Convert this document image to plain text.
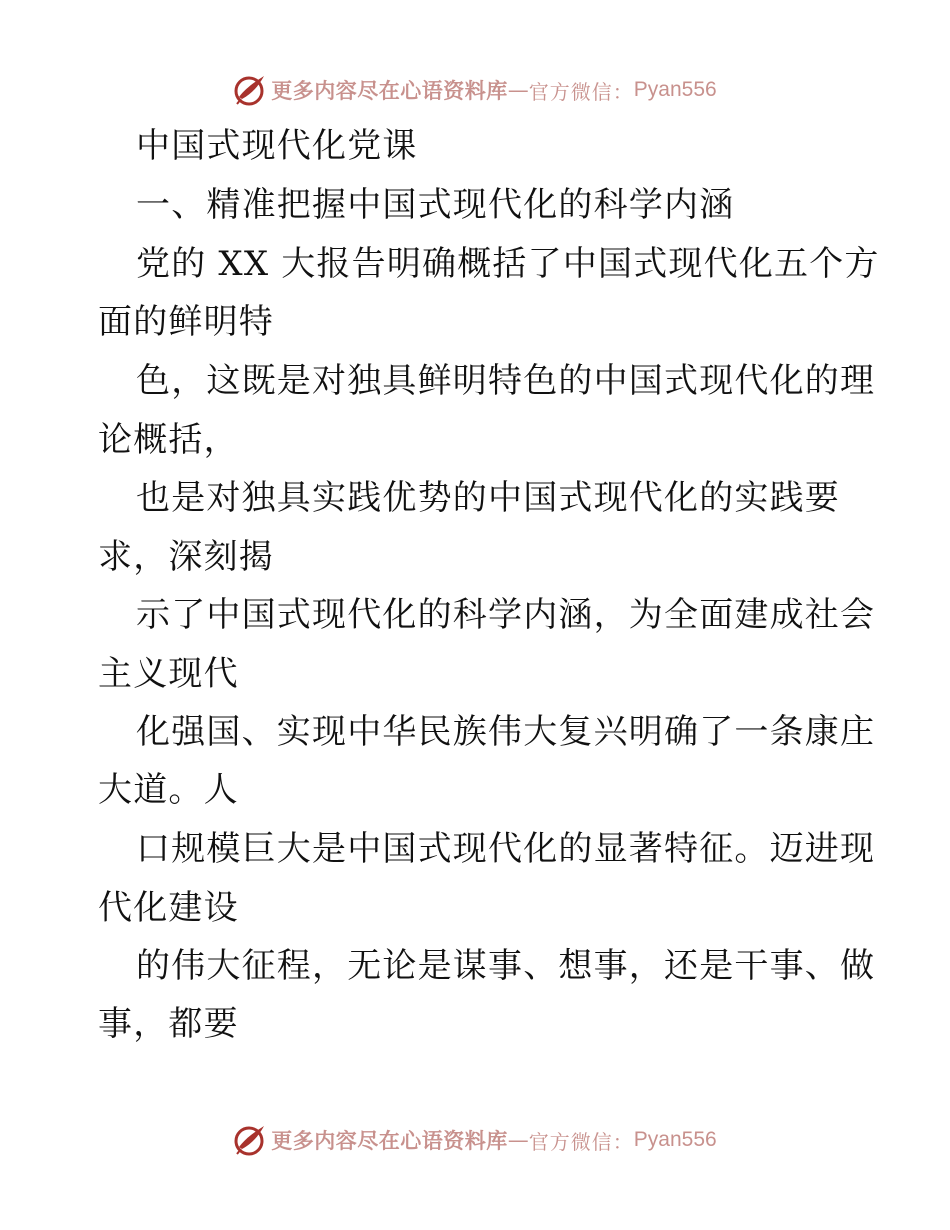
更多内容尽在心语资料库 — 官方微信： Pyan556
中国式现代化党课
一、精准把握中国式现代化的科学内涵
党的 XX 大报告明确概括了中国式现代化五个方
面的鲜明特
色，这既是对独具鲜明特色的中国式现代化的理
论概括，
也是对独具实践优势的中国式现代化的实践要
求，深刻揭
示了中国式现代化的科学内涵，为全面建成社会
主义现代
化强国、实现中华民族伟大复兴明确了一条康庄
大道。人
口规模巨大是中国式现代化的显著特征。迈进现
代化建设
的伟大征程，无论是谋事、想事，还是干事、做
事，都要
更多内容尽在心语资料库 — 官方微信： Pyan556
